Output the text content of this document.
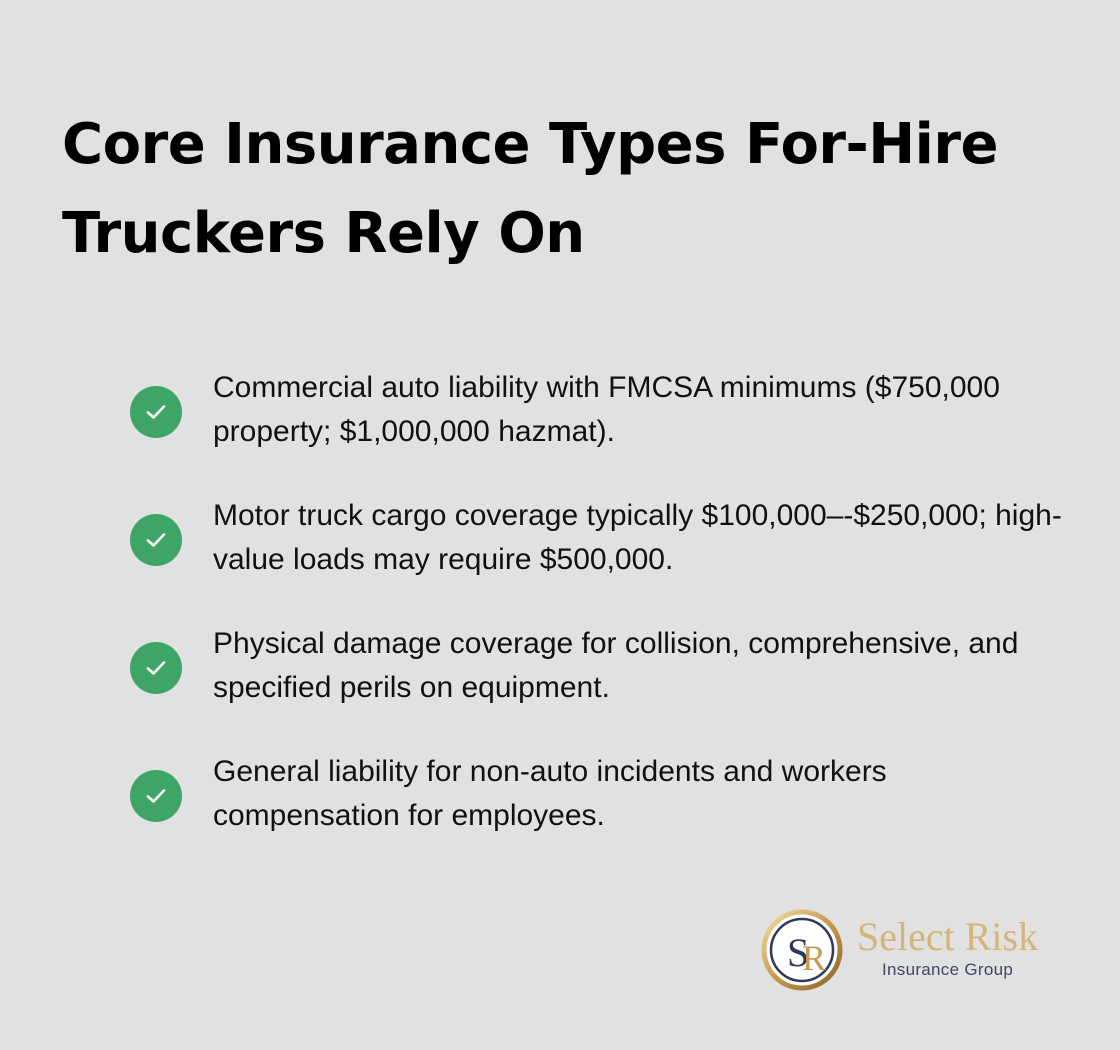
Core Insurance Types For-Hire Truckers Rely On
Commercial auto liability with FMCSA minimums ($750,000 property; $1,000,000 hazmat).
Motor truck cargo coverage typically $100,000–-$250,000; high-value loads may require $500,000.
Physical damage coverage for collision, comprehensive, and specified perils on equipment.
General liability for non-auto incidents and workers compensation for employees.
S
R Select Risk
Insurance Group
